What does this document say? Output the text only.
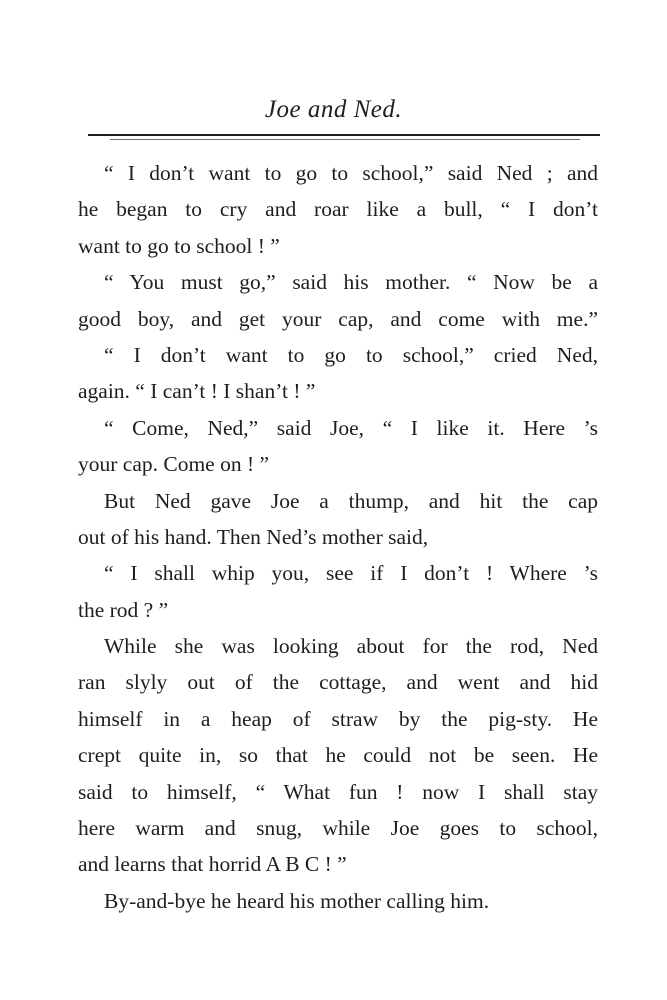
Joe and Ned.
“ I don’t want to go to school,” said Ned ; and
he began to cry and roar like a bull, “ I don’t
want to go to school ! ”
“ You must go,” said his mother. “ Now be a
good boy, and get your cap, and come with me.”
“ I don’t want to go to school,” cried Ned,
again. “ I can’t ! I shan’t ! ”
“ Come, Ned,” said Joe, “ I like it. Here ’s
your cap. Come on ! ”
But Ned gave Joe a thump, and hit the cap
out of his hand. Then Ned’s mother said,
“ I shall whip you, see if I don’t ! Where ’s
the rod ? ”
While she was looking about for the rod, Ned
ran slyly out of the cottage, and went and hid
himself in a heap of straw by the pig-sty. He
crept quite in, so that he could not be seen. He
said to himself, “ What fun ! now I shall stay
here warm and snug, while Joe goes to school,
and learns that horrid A B C ! ”
By-and-bye he heard his mother calling him.
